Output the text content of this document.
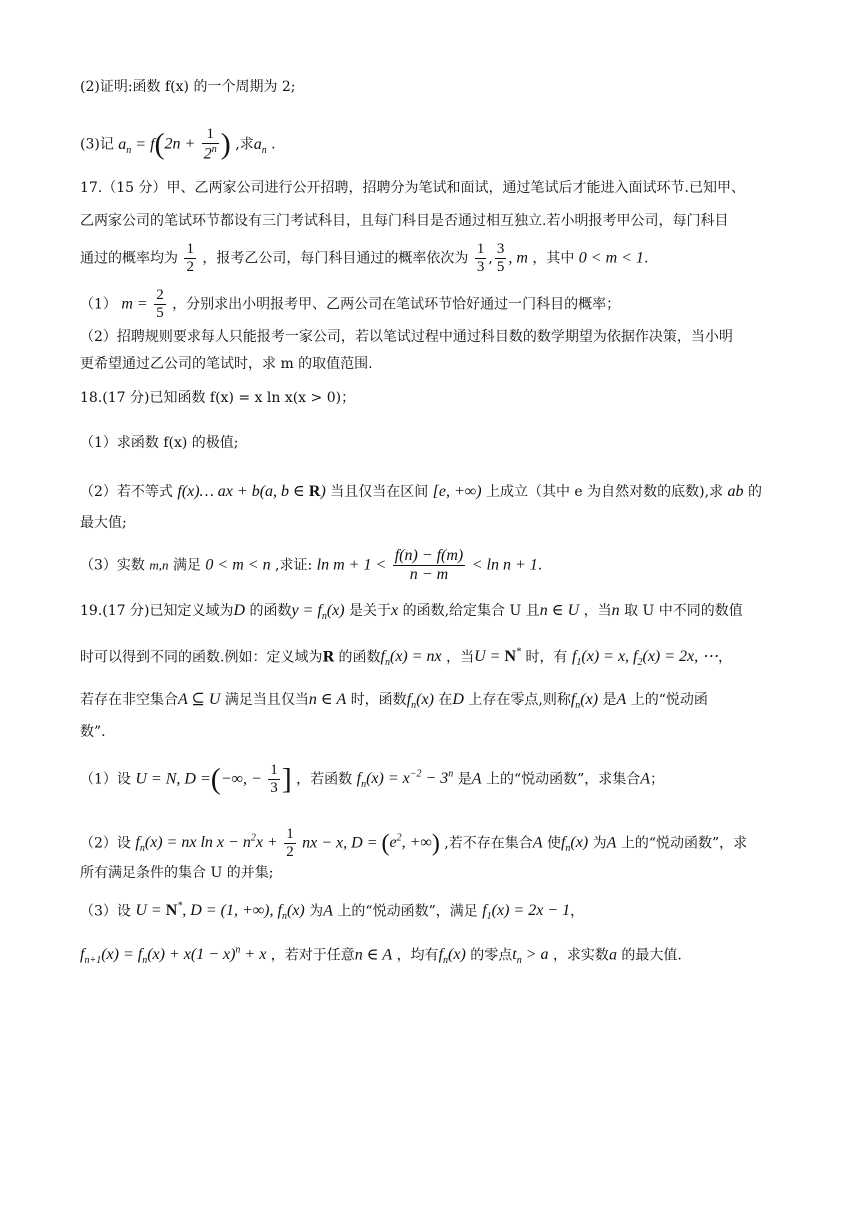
(2)证明:函数 f(x) 的一个周期为 2;
(3)记 $a_n = f(2n + \frac{1}{2^n}$ ) ,求$a_n$ .
17.（15 分）甲、乙两家公司进行公开招聘，招聘分为笔试和面试，通过笔试后才能进入面试环节.已知甲、
乙两家公司的笔试环节都设有三门考试科目，且每门科目是否通过相互独立.若小明报考甲公司，每门科目
通过的概率均为 $\frac{1}{2}$ ，报考乙公司，每门科目通过的概率依次为 $\frac{1}{3}$ , $\frac{3}{5}$ , m ，其中 0 < m < 1.
（1） $m = \frac{2}{5}$ ，分别求出小明报考甲、乙两公司在笔试环节恰好通过一门科目的概率；
（2）招聘规则要求每人只能报考一家公司，若以笔试过程中通过科目数的数学期望为依据作决策，当小明
更希望通过乙公司的笔试时，求 m 的取值范围.
18.(17 分)已知函数 f(x) = x ln x(x > 0)；
（1）求函数 f(x) 的极值;
（2）若不等式 f(x)… ax + b(a, b ∈ R) 当且仅当在区间 [e, +∞) 上成立（其中 e 为自然对数的底数),求 ab 的
最大值;
（3）实数 m,n 满足 0 < m < n ,求证: $\ln m + 1 < \frac{f(n) - f(m)}{n - m} < \ln n + 1$.
19.(17 分)已知定义域为D 的函数$y = f_n(x)$ 是关于x 的函数,给定集合 U 且n ∈ U ，当n 取 U 中不同的数值
时可以得到不同的函数.例如：定义域为R 的函数$f_n(x)$ = nx ，当U = N* 时，有 $f_1(x) = x$, $f_2(x) = 2x$, ⋯，
若存在非空集合A ⊆ U 满足当且仅当n ∈ A 时，函数$f_n(x)$ 在D 上存在零点,则称$f_n(x)$ 是A 上的“悦动函
数”.
（1）设 U = N, D =(−∞, − $\frac{1}{3}$ ] ，若函数 $f_n(x) = x^{-2} - 3^n$ 是A 上的“悦动函数”，求集合A；
（2）设 $f_n(x)$ = nx $\ln x - n^2x + \frac{1}{2}$ nx − x, $D = (e^2$, +∞) ,若不存在集合A 使$f_n(x)$ 为A 上的“悦动函数”，求
所有满足条件的集合 U 的并集;
（3）设 U = N*, D = (1, +∞), $f_n(x)$ 为A 上的“悦动函数”，满足 $f_1(x) = 2x - 1$，
$f_{n+1}(x) = f_n(x) + x(1 - x)^n + x$ ，若对于任意n ∈ A ，均有$f_n(x)$ 的零点$t_n > a$ ，求实数a 的最大值.
